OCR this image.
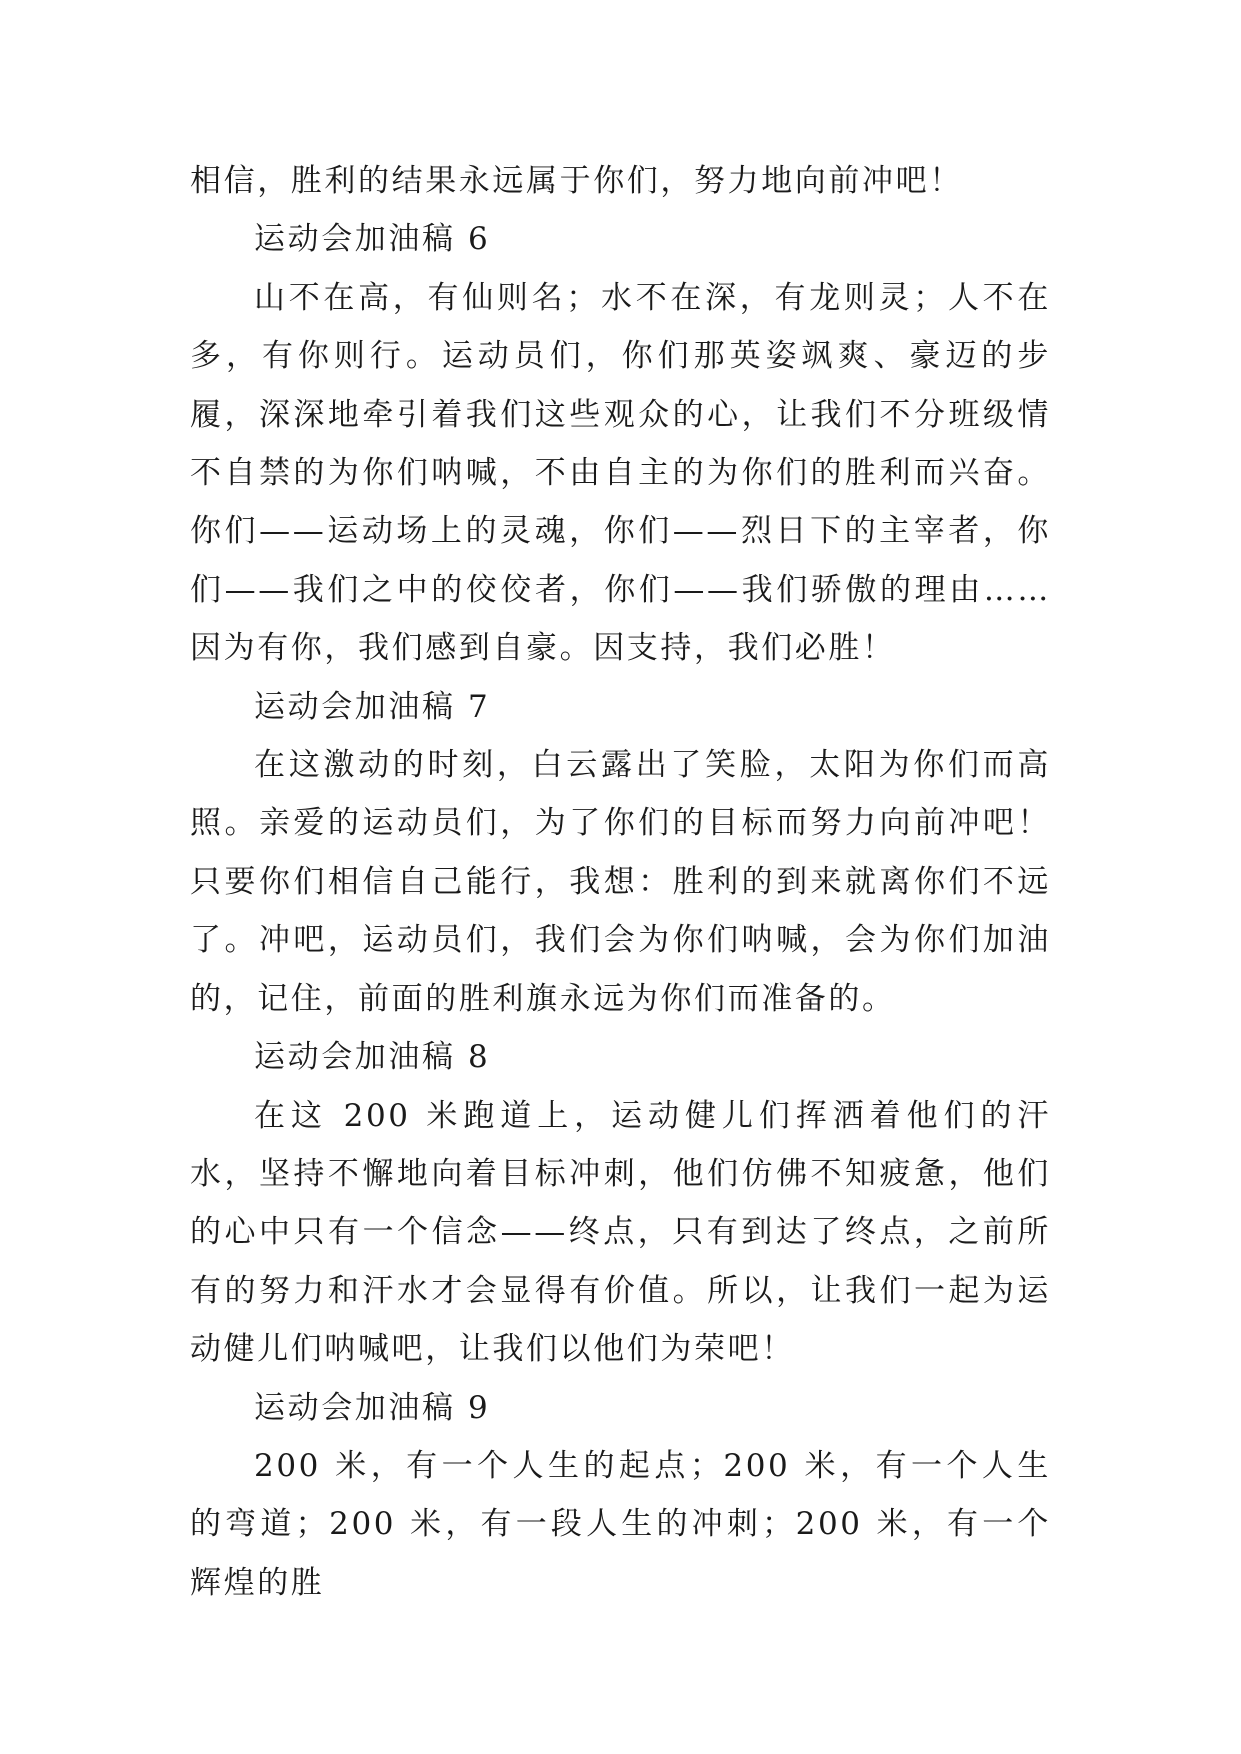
相信，胜利的结果永远属于你们，努力地向前冲吧！

运动会加油稿 6

山不在高，有仙则名；水不在深，有龙则灵；人不在多，有你则行。运动员们，你们那英姿飒爽、豪迈的步履，深深地牵引着我们这些观众的心，让我们不分班级情不自禁的为你们呐喊，不由自主的为你们的胜利而兴奋。你们——运动场上的灵魂，你们——烈日下的主宰者，你们——我们之中的佼佼者，你们——我们骄傲的理由……因为有你，我们感到自豪。因支持，我们必胜！

运动会加油稿 7

在这激动的时刻，白云露出了笑脸，太阳为你们而高照。亲爱的运动员们，为了你们的目标而努力向前冲吧！只要你们相信自己能行，我想：胜利的到来就离你们不远了。冲吧，运动员们，我们会为你们呐喊，会为你们加油的，记住，前面的胜利旗永远为你们而准备的。

运动会加油稿 8

在这 200 米跑道上，运动健儿们挥洒着他们的汗水，坚持不懈地向着目标冲刺，他们仿佛不知疲惫，他们的心中只有一个信念——终点，只有到达了终点，之前所有的努力和汗水才会显得有价值。所以，让我们一起为运动健儿们呐喊吧，让我们以他们为荣吧！

运动会加油稿 9

200 米，有一个人生的起点；200 米，有一个人生的弯道；200 米，有一段人生的冲刺；200 米，有一个辉煌的胜
